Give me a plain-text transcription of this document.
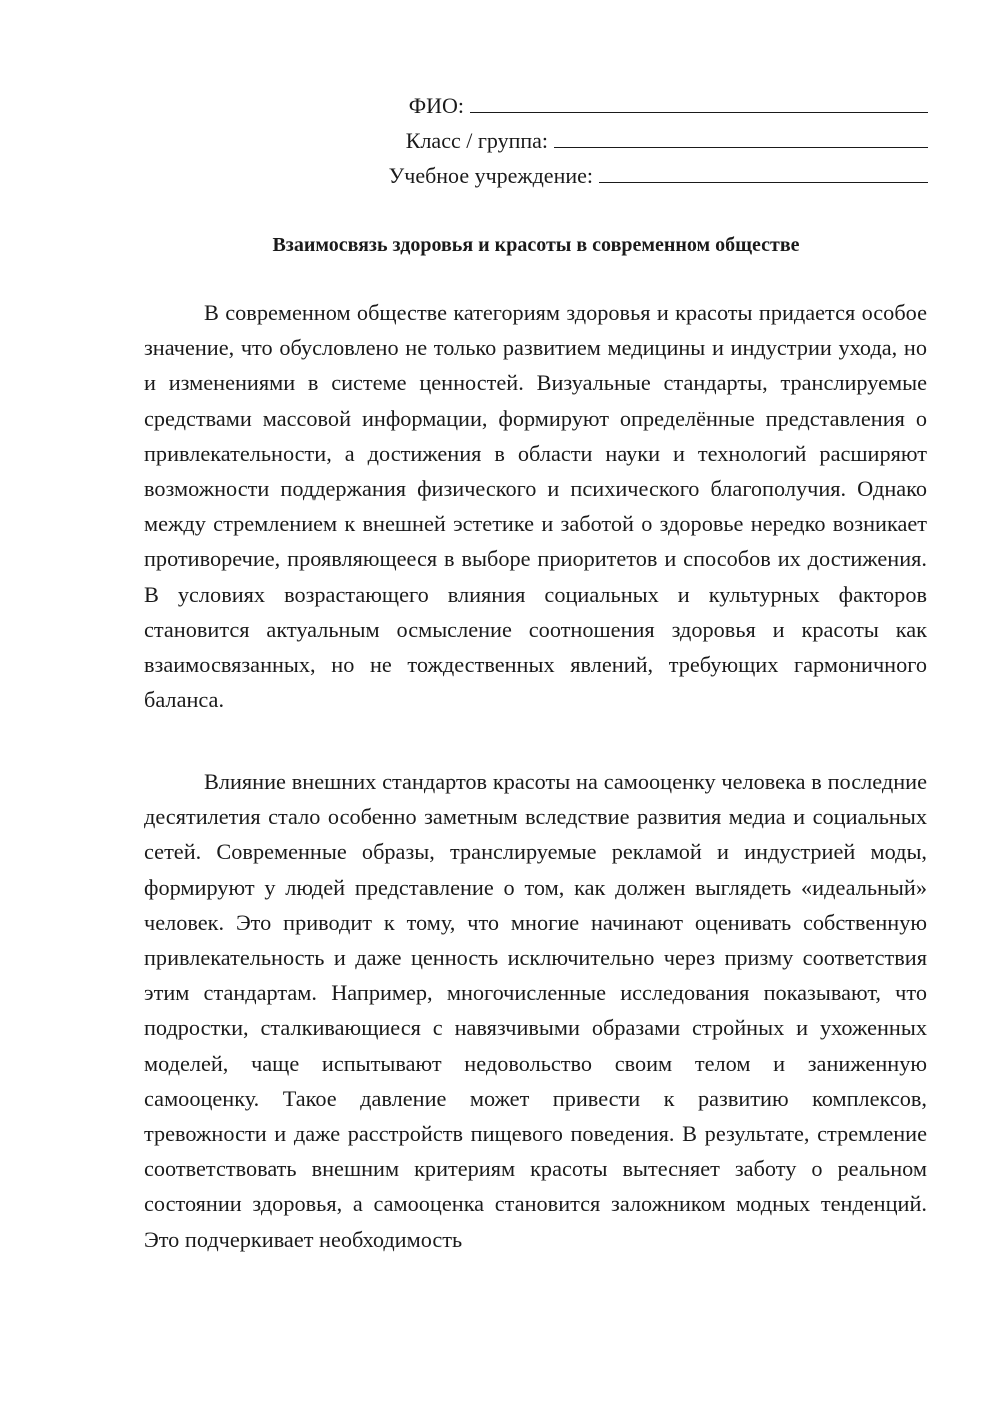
ФИО:
Класс / группа:
Учебное учреждение:
Взаимосвязь здоровья и красоты в современном обществе

В современном обществе категориям здоровья и красоты придается особое значение, что обусловлено не только развитием медицины и индустрии ухода, но и изменениями в системе ценностей. Визуальные стандарты, транслируемые средствами массовой информации, формируют определённые представления о привлекательности, а достижения в области науки и технологий расширяют возможности поддержания физического и психического благополучия. Однако между стремлением к внешней эстетике и заботой о здоровье нередко возникает противоречие, проявляющееся в выборе приоритетов и способов их достижения. В условиях возрастающего влияния социальных и культурных факторов становится актуальным осмысление соотношения здоровья и красоты как взаимосвязанных, но не тождественных явлений, требующих гармоничного баланса.

Влияние внешних стандартов красоты на самооценку человека в последние десятилетия стало особенно заметным вследствие развития медиа и социальных сетей. Современные образы, транслируемые рекламой и индустрией моды, формируют у людей представление о том, как должен выглядеть «идеальный» человек. Это приводит к тому, что многие начинают оценивать собственную привлекательность и даже ценность исключительно через призму соответствия этим стандартам. Например, многочисленные исследования показывают, что подростки, сталкивающиеся с навязчивыми образами стройных и ухоженных моделей, чаще испытывают недовольство своим телом и заниженную самооценку. Такое давление может привести к развитию комплексов, тревожности и даже расстройств пищевого поведения. В результате, стремление соответствовать внешним критериям красоты вытесняет заботу о реальном состоянии здоровья, а самооценка становится заложником модных тенденций. Это подчеркивает необходимость
